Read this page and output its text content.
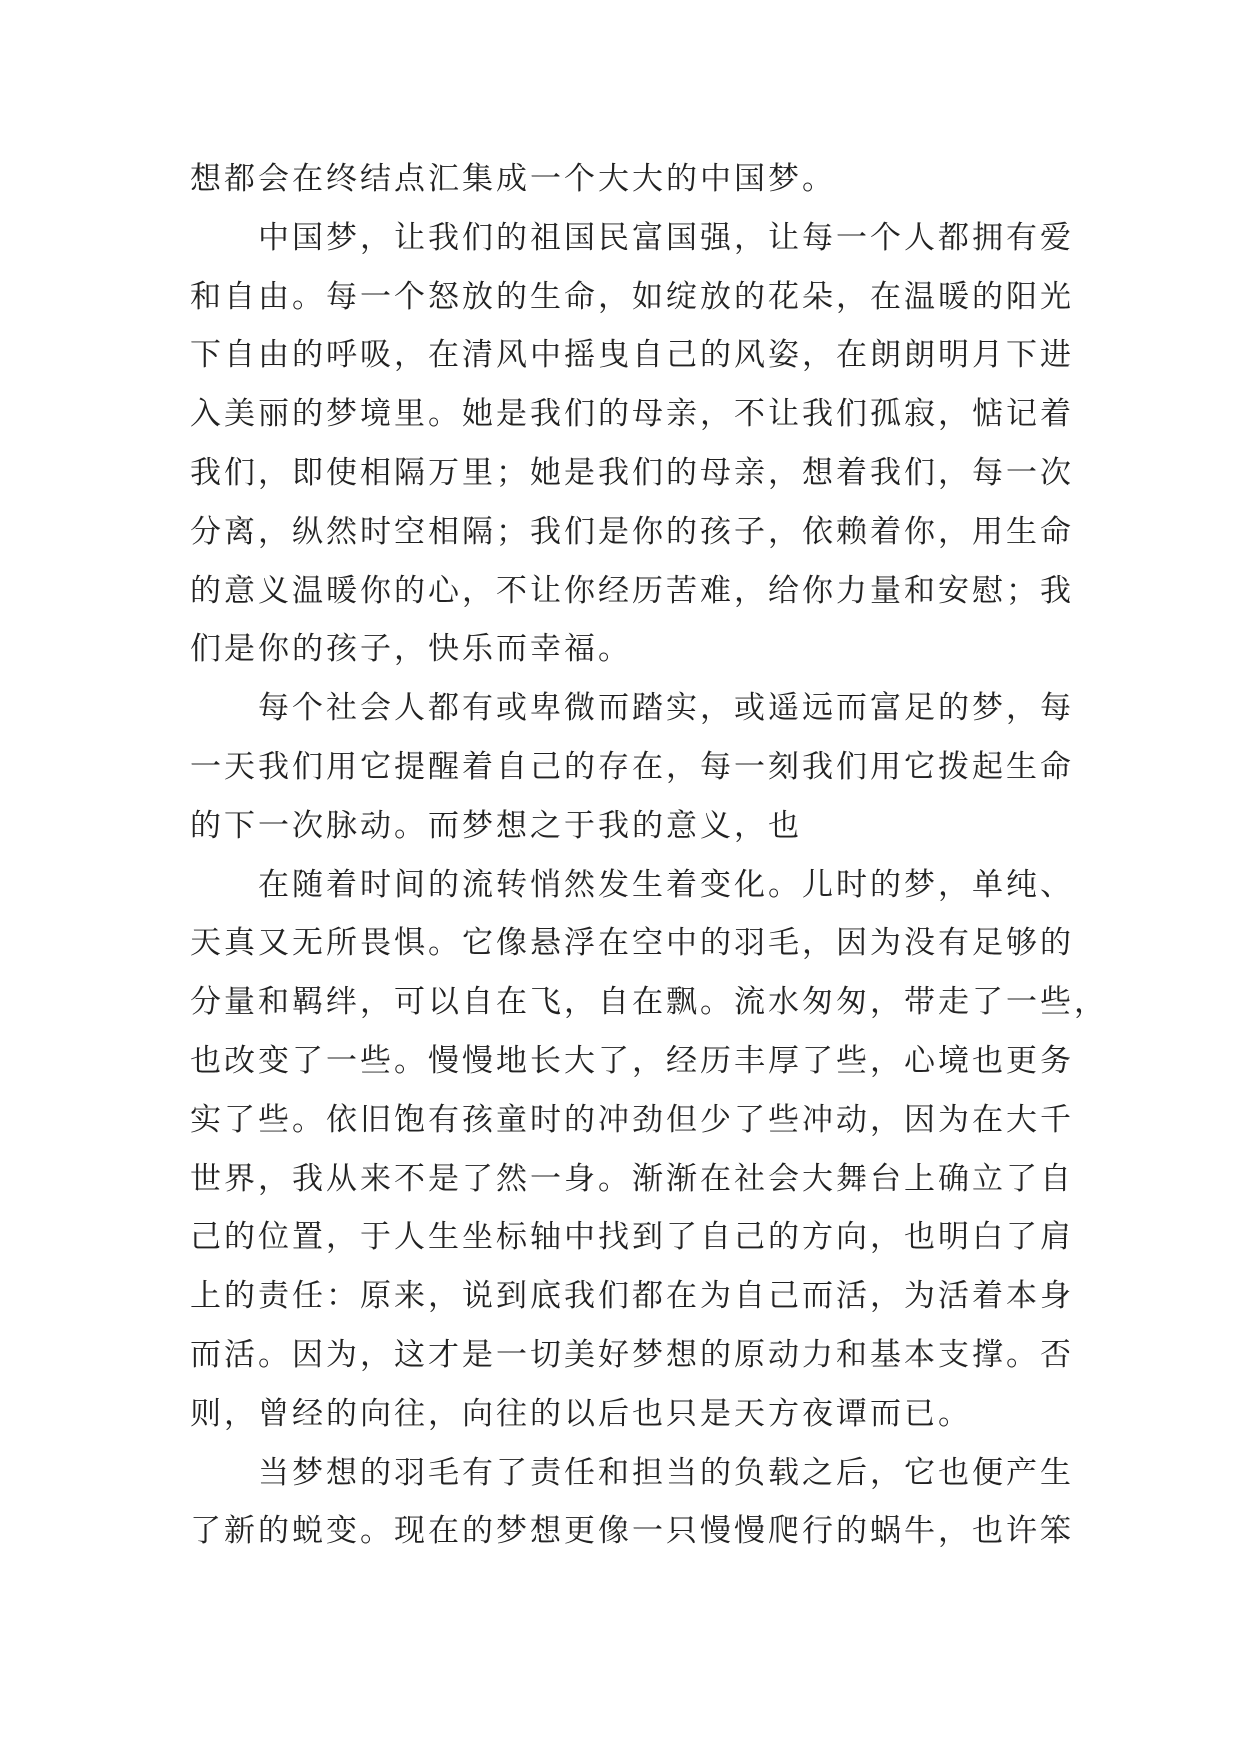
想都会在终结点汇集成一个大大的中国梦。
中国梦，让我们的祖国民富国强，让每一个人都拥有爱
和自由。每一个怒放的生命，如绽放的花朵，在温暖的阳光
下自由的呼吸，在清风中摇曳自己的风姿，在朗朗明月下进
入美丽的梦境里。她是我们的母亲，不让我们孤寂，惦记着
我们，即使相隔万里；她是我们的母亲，想着我们，每一次
分离，纵然时空相隔；我们是你的孩子，依赖着你，用生命
的意义温暖你的心，不让你经历苦难，给你力量和安慰；我
们是你的孩子，快乐而幸福。
每个社会人都有或卑微而踏实，或遥远而富足的梦，每
一天我们用它提醒着自己的存在，每一刻我们用它拨起生命
的下一次脉动。而梦想之于我的意义，也
在随着时间的流转悄然发生着变化。儿时的梦，单纯、
天真又无所畏惧。它像悬浮在空中的羽毛，因为没有足够的
分量和羁绊，可以自在飞，自在飘。流水匆匆，带走了一些，
也改变了一些。慢慢地长大了，经历丰厚了些，心境也更务
实了些。依旧饱有孩童时的冲劲但少了些冲动，因为在大千
世界，我从来不是了然一身。渐渐在社会大舞台上确立了自
己的位置，于人生坐标轴中找到了自己的方向，也明白了肩
上的责任：原来，说到底我们都在为自己而活，为活着本身
而活。因为，这才是一切美好梦想的原动力和基本支撑。否
则，曾经的向往，向往的以后也只是天方夜谭而已。
当梦想的羽毛有了责任和担当的负载之后，它也便产生
了新的蜕变。现在的梦想更像一只慢慢爬行的蜗牛，也许笨
